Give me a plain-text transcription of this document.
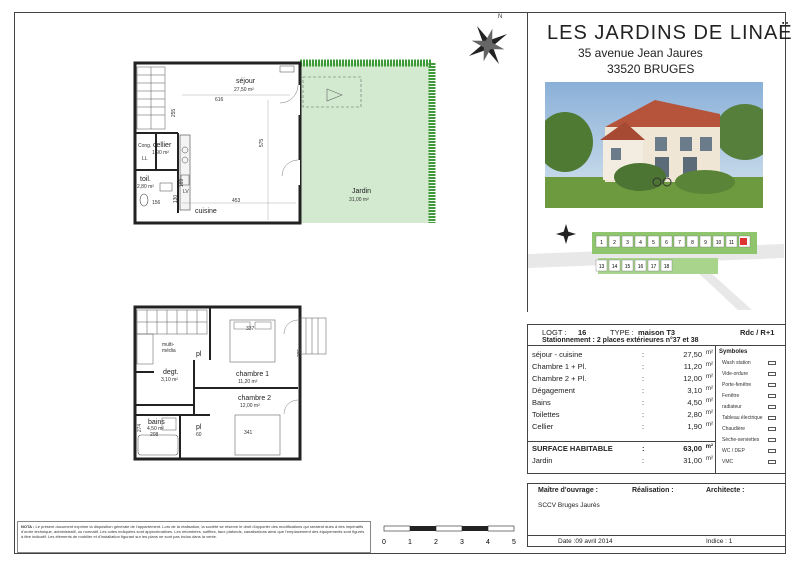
séjour
27,50 m²
616
255
575
Cong. cellier
1,90 m²
LL
toil.
2,80 m²
LV
156	130
169
453
cuisine
Jardin
31,00 m²
337
295
multi-
média	pl
degt.
3,10 m²
chambre 1
11,20 m²
chambre 2
12,00 m²
bains
4,50 m²
208
274	pl
60	341
N
LES JARDINS DE LINAË
35 avenue Jean Jaures
33520 BRUGES
1 2 3 4 5 6 7 8 9 10 11
13 14 15 16 17 18
LOGT : 16	TYPE : maison T3	Rdc / R+1
Stationnement : 2 places extérieures n°37 et 38
séjour - cuisine	:	27,50 m²
Chambre 1 + Pl.	:	11,20 m²
Chambre 2 + Pl.	:	12,00 m²
Dégagement	:	3,10 m²
Bains	:	4,50 m²
Toilettes	:	2,80 m²
Cellier	:	1,90 m²
SURFACE HABITABLE	:	63,00 m²
Jardin	:	31,00 m²
Symboles
Wash station
Vide-ordure
Porte-fenêtre
Fenêtre
radiateur
Tableau électrique
Chaudière
Sèche-serviettes
WC / DEP
VMC
Maître d'ouvrage :	Réalisation :	Architecte :
SCCV Bruges Jaurès
Date :09 avril 2014	Indice : 1
NOTA : Le présent document exprime la disposition générale de l'appartement. Lors de la réalisation, la société se réserve le droit d'apporter des modifications qui seraient dues à des impératifs d'ordre technique, administratif, ou normatif. Les cotes indiquées sont approximatives. Les retombées, soffites, faux plafonds, canalisations ainsi que l'emplacement des équipements sont figurés à titre indicatif. Les éléments de mobilier et d'installation figurant sur les plans ne sont pas inclus dans la vente.
0	1	2	3	4	5
